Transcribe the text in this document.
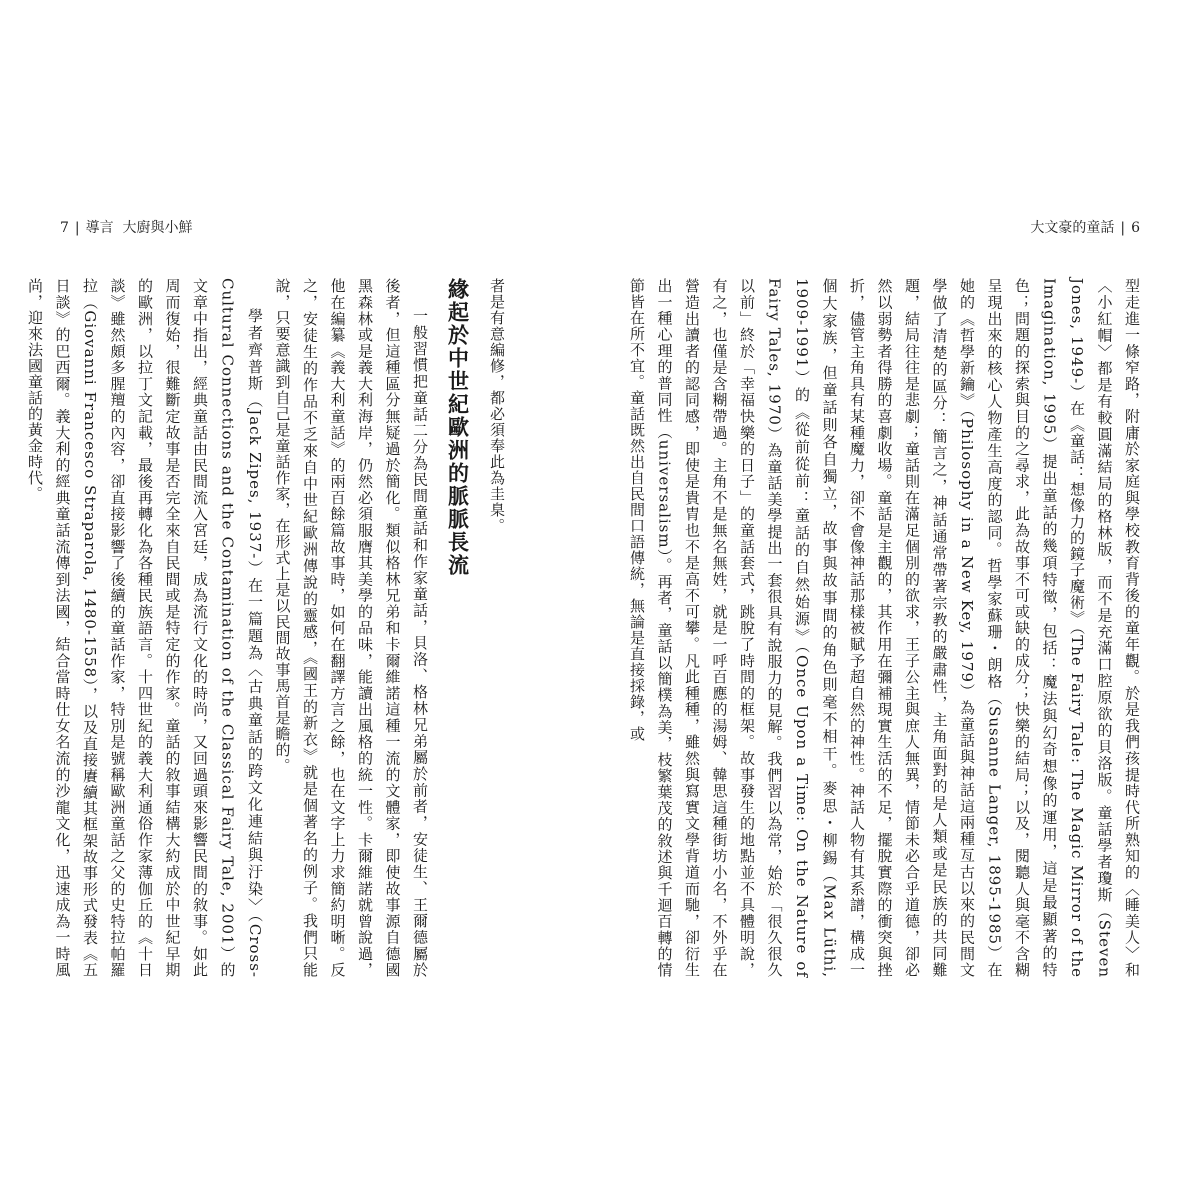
7 | 導言 大廚與小鮮	大文豪的童話 | 6

型走進一條窄路，附庸於家庭與學校教育背後的童年觀。於是我們孩提時代所熟知的〈睡美人〉和〈小紅帽〉都是有較圓滿結局的格林版，而不是充滿口腔原欲的貝洛版。童話學者瓊斯（Steven Jones, 1949-）在《童話：想像力的鏡子魔術》（The Fairy Tale: The Magic Mirror of the Imagination, 1995）提出童話的幾項特徵，包括：魔法與幻奇想像的運用，這是最顯著的特色；問題的探索與目的之尋求，此為故事不可或缺的成分；快樂的結局；以及，閱聽人與毫不含糊呈現出來的核心人物產生高度的認同。哲學家蘇珊・朗格（Susanne Langer, 1895-1985）在她的《哲學新鑰》（Philosophy in a New Key, 1979）為童話與神話這兩種亙古以來的民間文學做了清楚的區分：簡言之，神話通常帶著宗教的嚴肅性，主角面對的是人類或是民族的共同難題，結局往往是悲劇；童話則在滿足個別的欲求，王子公主與庶人無異，情節未必合乎道德，卻必然以弱勢者得勝的喜劇收場。童話是主觀的，其作用在彌補現實生活的不足，擺脫實際的衝突與挫折，儘管主角具有某種魔力，卻不會像神話那樣被賦予超自然的神性。神話人物有其系譜，構成一個大家族，但童話則各自獨立，故事與故事間的角色則毫不相干。麥思・柳錫（Max Lüthi, 1909-1991）的《從前從前：童話的自然始源》（Once Upon a Time: On the Nature of Fairy Tales, 1970）為童話美學提出一套很具有說服力的見解。我們習以為常，始於「很久很久以前」終於「幸福快樂的日子」的童話套式，跳脫了時間的框架。故事發生的地點並不具體明說，有之，也僅是含糊帶過。主角不是無名無姓，就是一呼百應的湯姆、韓思這種街坊小名，不外乎在營造出讀者的認同感，即使是貴胄也不是高不可攀。凡此種種，雖然與寫實文學背道而馳，卻衍生出一種心理的普同性（universalism）。再者，童話以簡樸為美，枝繁葉茂的敘述與千迴百轉的情節皆在所不宜。童話既然出自民間口語傳統，無論是直接採錄，或

者是有意編修，都必須奉此為圭臬。

緣起於中世紀歐洲的脈脈長流

一般習慣把童話二分為民間童話和作家童話，貝洛、格林兄弟屬於前者，安徒生、王爾德屬於後者，但這種區分無疑過於簡化。類似格林兄弟和卡爾維諾這種一流的文體家，即使故事源自德國黑森林或是義大利海岸，仍然必須服膺其美學的品味，能讀出風格的統一性。卡爾維諾就曾說過，他在編纂《義大利童話》的兩百餘篇故事時，如何在翻譯方言之餘，也在文字上力求簡約明晰。反之，安徒生的作品不乏來自中世紀歐洲傳說的靈感，《國王的新衣》就是個著名的例子。我們只能說，只要意識到自己是童話作家，在形式上是以民間故事馬首是瞻的。

學者齊普斯（Jack Zipes, 1937-）在一篇題為〈古典童話的跨文化連結與汙染〉（Cross-Cultural Connections and the Contamination of the Classical Fairy Tale, 2001）的文章中指出，經典童話由民間流入宮廷，成為流行文化的時尚，又回過頭來影響民間的敘事。如此周而復始，很難斷定故事是否完全來自民間或是特定的作家。童話的敘事結構大約成於中世紀早期的歐洲，以拉丁文記載，最後再轉化為各種民族語言。十四世紀的義大利通俗作家薄伽丘的《十日談》雖然頗多腥羶的內容，卻直接影響了後續的童話作家，特別是號稱歐洲童話之父的史特拉帕羅拉（Giovanni Francesco Straparola, 1480-1558），以及直接賡續其框架故事形式發表《五日談》的巴西爾。義大利的經典童話流傳到法國，結合當時仕女名流的沙龍文化，迅速成為一時風尚，迎來法國童話的黃金時代。
